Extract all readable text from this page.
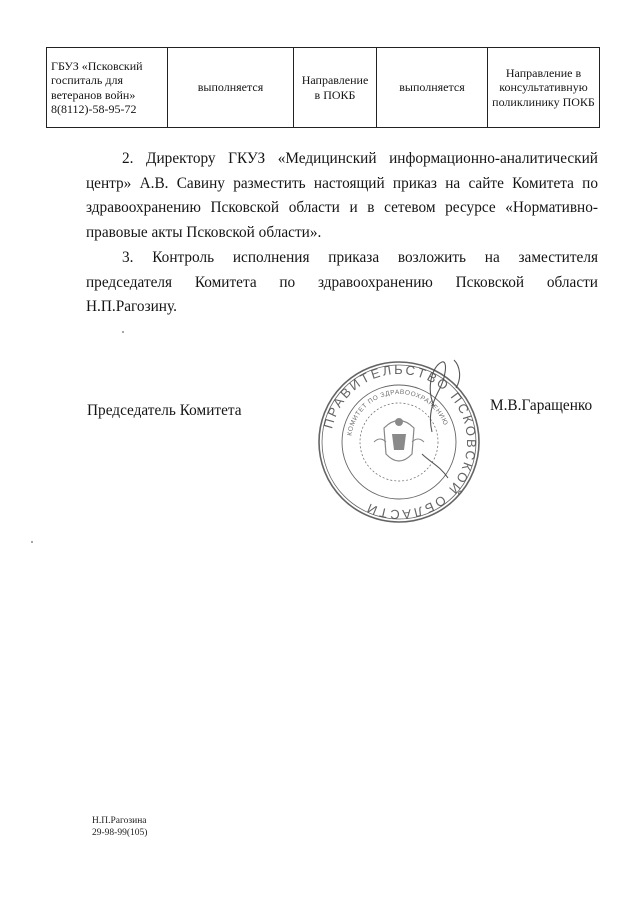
ГБУЗ «Псковский госпиталь для ветеранов войн»
8(8112)-58-95-72
	выполняется	Направление в ПОКБ	выполняется	Направление в консультативную поликлинику ПОКБ

2. Директору ГКУЗ «Медицинский информационно-аналитический центр» А.В. Савину разместить настоящий приказ на сайте Комитета по здравоохранению Псковской области и в сетевом ресурсе «Нормативно-правовые акты Псковской области».

3. Контроль исполнения приказа возложить на заместителя председателя Комитета по здравоохранению Псковской области Н.П.Рагозину.

Председатель Комитета	М.В.Гаращенко

ПРАВИТЕЛЬСТВО ПСКОВСКОЙ ОБЛАСТИ
КОМИТЕТ ПО ЗДРАВООХРАНЕНИЮ
Н.П.Рагозина
29-98-99(105)
